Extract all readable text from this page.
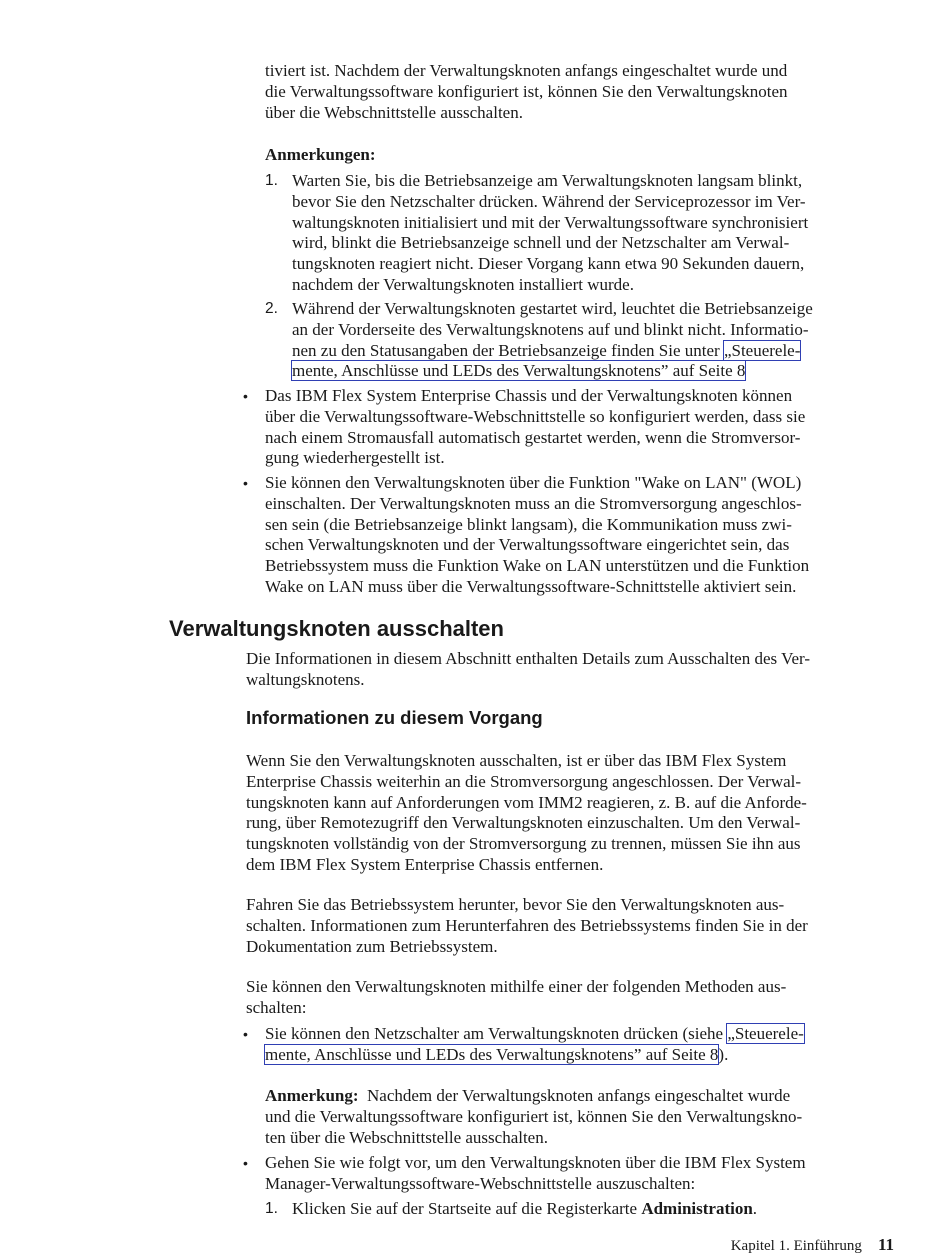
tiviert ist. Nachdem der Verwaltungsknoten anfangs eingeschaltet wurde und

die Verwaltungssoftware konfiguriert ist, können Sie den Verwaltungsknoten

über die Webschnittstelle ausschalten.

Anmerkungen:
1. Warten Sie, bis die Betriebsanzeige am Verwaltungsknoten langsam blinkt,

bevor Sie den Netzschalter drücken. Während der Serviceprozessor im Ver-

waltungsknoten initialisiert und mit der Verwaltungssoftware synchronisiert

wird, blinkt die Betriebsanzeige schnell und der Netzschalter am Verwal-

tungsknoten reagiert nicht. Dieser Vorgang kann etwa 90 Sekunden dauern,

nachdem der Verwaltungsknoten installiert wurde.

2. Während der Verwaltungsknoten gestartet wird, leuchtet die Betriebsanzeige

an der Vorderseite des Verwaltungsknotens auf und blinkt nicht. Informatio-

nen zu den Statusangaben der Betriebsanzeige finden Sie unter „Steuerele-

mente, Anschlüsse und LEDs des Verwaltungsknotens” auf Seite 8

• Das IBM Flex System Enterprise Chassis und der Verwaltungsknoten können

über die Verwaltungssoftware-Webschnittstelle so konfiguriert werden, dass sie

nach einem Stromausfall automatisch gestartet werden, wenn die Stromversor-

gung wiederhergestellt ist.

• Sie können den Verwaltungsknoten über die Funktion "Wake on LAN" (WOL)

einschalten. Der Verwaltungsknoten muss an die Stromversorgung angeschlos-

sen sein (die Betriebsanzeige blinkt langsam), die Kommunikation muss zwi-

schen Verwaltungsknoten und der Verwaltungssoftware eingerichtet sein, das

Betriebssystem muss die Funktion Wake on LAN unterstützen und die Funktion

Wake on LAN muss über die Verwaltungssoftware-Schnittstelle aktiviert sein.

Verwaltungsknoten ausschalten

Die Informationen in diesem Abschnitt enthalten Details zum Ausschalten des Ver-

waltungsknotens.

Informationen zu diesem Vorgang

Wenn Sie den Verwaltungsknoten ausschalten, ist er über das IBM Flex System

Enterprise Chassis weiterhin an die Stromversorgung angeschlossen. Der Verwal-

tungsknoten kann auf Anforderungen vom IMM2 reagieren, z. B. auf die Anforde-

rung, über Remotezugriff den Verwaltungsknoten einzuschalten. Um den Verwal-

tungsknoten vollständig von der Stromversorgung zu trennen, müssen Sie ihn aus

dem IBM Flex System Enterprise Chassis entfernen.

Fahren Sie das Betriebssystem herunter, bevor Sie den Verwaltungsknoten aus-

schalten. Informationen zum Herunterfahren des Betriebssystems finden Sie in der

Dokumentation zum Betriebssystem.

Sie können den Verwaltungsknoten mithilfe einer der folgenden Methoden aus-

schalten:

• Sie können den Netzschalter am Verwaltungsknoten drücken (siehe „Steuerele-

mente, Anschlüsse und LEDs des Verwaltungsknotens” auf Seite 8).

Anmerkung: Nachdem der Verwaltungsknoten anfangs eingeschaltet wurde

und die Verwaltungssoftware konfiguriert ist, können Sie den Verwaltungskno-

ten über die Webschnittstelle ausschalten.

• Gehen Sie wie folgt vor, um den Verwaltungsknoten über die IBM Flex System

Manager-Verwaltungssoftware-Webschnittstelle auszuschalten:

1. Klicken Sie auf der Startseite auf die Registerkarte Administration.

Kapitel 1. Einführung 11
